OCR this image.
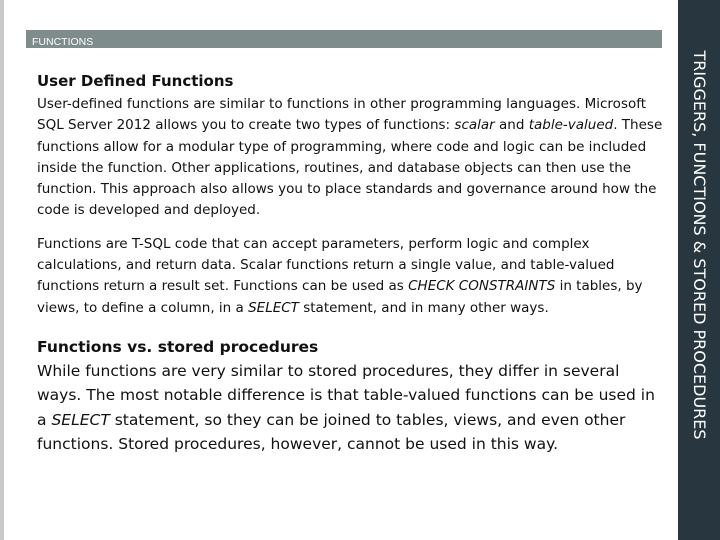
FUNCTIONS
TRIGGERS, FUNCTIONS & STORED PROCEDURES
User Defined Functions

User-defined functions are similar to functions in other programming languages. Microsoft SQL Server 2012 allows you to create two types of functions: scalar and table-valued. These functions allow for a modular type of programming, where code and logic can be included inside the function. Other applications, routines, and database objects can then use the function. This approach also allows you to place standards and governance around how the code is developed and deployed.

Functions are T-SQL code that can accept parameters, perform logic and complex calculations, and return data. Scalar functions return a single value, and table-valued functions return a result set. Functions can be used as CHECK CONSTRAINTS in tables, by views, to define a column, in a SELECT statement, and in many other ways.

Functions vs. stored procedures

While functions are very similar to stored procedures, they differ in several ways. The most notable difference is that table-valued functions can be used in a SELECT statement, so they can be joined to tables, views, and even other functions. Stored procedures, however, cannot be used in this way.
